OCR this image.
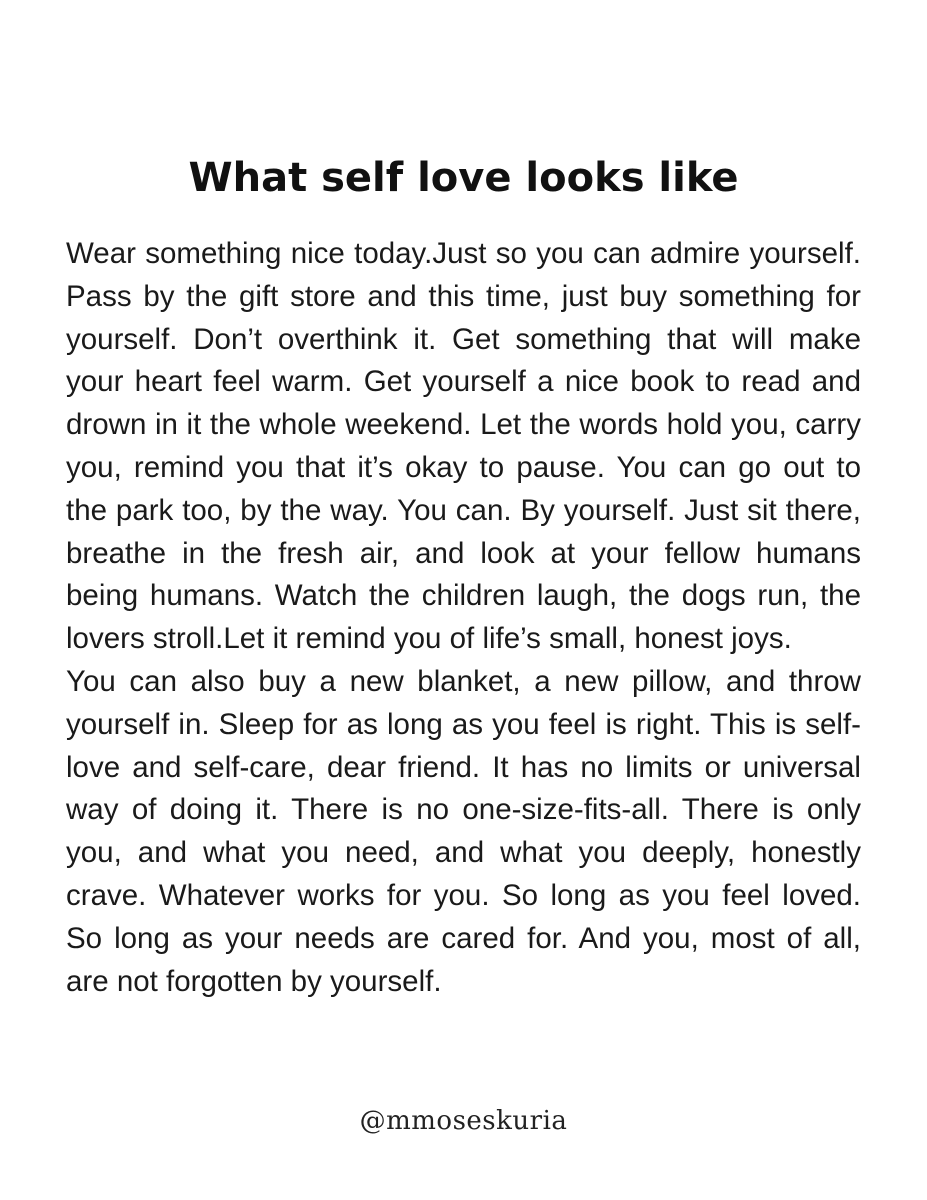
What self love looks like

Wear something nice today.Just so you can admire yourself. Pass by the gift store and this time, just buy something for yourself. Don’t overthink it. Get something that will make your heart feel warm. Get yourself a nice book to read and drown in it the whole weekend. Let the words hold you, carry you, remind you that it’s okay to pause. You can go out to the park too, by the way. You can. By yourself. Just sit there, breathe in the fresh air, and look at your fellow humans being humans. Watch the children laugh, the dogs run, the lovers stroll.Let it remind you of life’s small, honest joys.

You can also buy a new blanket, a new pillow, and throw yourself in. Sleep for as long as you feel is right. This is self-love and self-care, dear friend. It has no limits or universal way of doing it. There is no one-size-fits-all. There is only you, and what you need, and what you deeply, honestly crave. Whatever works for you. So long as you feel loved. So long as your needs are cared for. And you, most of all, are not forgotten by yourself.

@mmoseskuria
